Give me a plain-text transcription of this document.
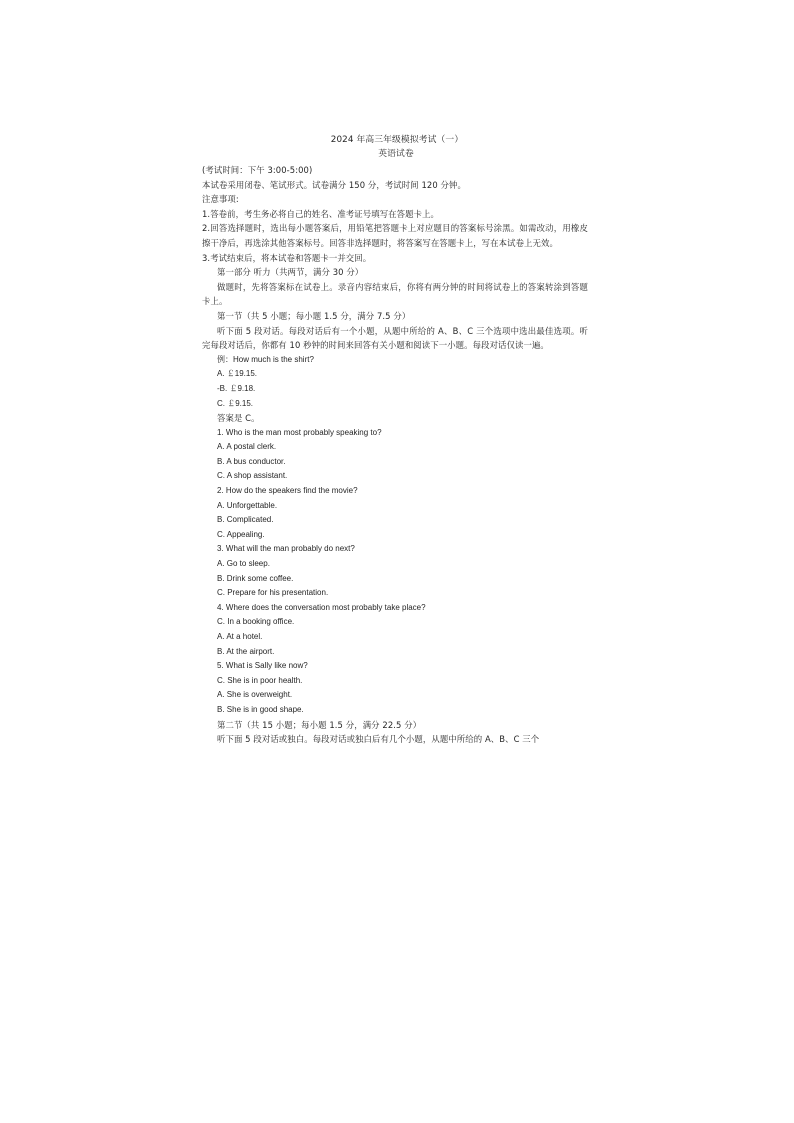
2024 年高三年级模拟考试（一）

英语试卷

(考试时间：下午 3:00-5:00)

本试卷采用闭卷、笔试形式。试卷满分 150 分，考试时间 120 分钟。

注意事项:

1.答卷前，考生务必将自己的姓名、准考证号填写在答题卡上。

2.回答选择题时，选出每小题答案后，用铅笔把答题卡上对应题目的答案标号涂黑。如需改动，用橡皮擦干净后，再选涂其他答案标号。回答非选择题时，将答案写在答题卡上，写在本试卷上无效。

3.考试结束后，将本试卷和答题卡一并交回。

第一部分 听力（共两节，满分 30 分）

做题时，先将答案标在试卷上。录音内容结束后，你将有两分钟的时间将试卷上的答案转涂到答题卡上。

第一节（共 5 小题；每小题 1.5 分，满分 7.5 分）

听下面 5 段对话。每段对话后有一个小题，从题中所给的 A、B、C 三个选项中选出最佳选项。听完每段对话后，你都有 10 秒钟的时间来回答有关小题和阅读下一小题。每段对话仅读一遍。

例：How much is the shirt?

A. ￡19.15.

-B. ￡9.18.

C. ￡9.15.

答案是 C。

1. Who is the man most probably speaking to?

A. A postal clerk.

B. A bus conductor.

C. A shop assistant.

2. How do the speakers find the movie?

A. Unforgettable.

B. Complicated.

C. Appealing.

3. What will the man probably do next?

A. Go to sleep.

B. Drink some coffee.

C. Prepare for his presentation.

4. Where does the conversation most probably take place?

C. In a booking office.

A. At a hotel.

B. At the airport.

5. What is Sally like now?

C. She is in poor health.

A. She is overweight.

B. She is in good shape.

第二节（共 15 小题；每小题 1.5 分，满分 22.5 分）

听下面 5 段对话或独白。每段对话或独白后有几个小题，从题中所给的 A、B、C 三个
